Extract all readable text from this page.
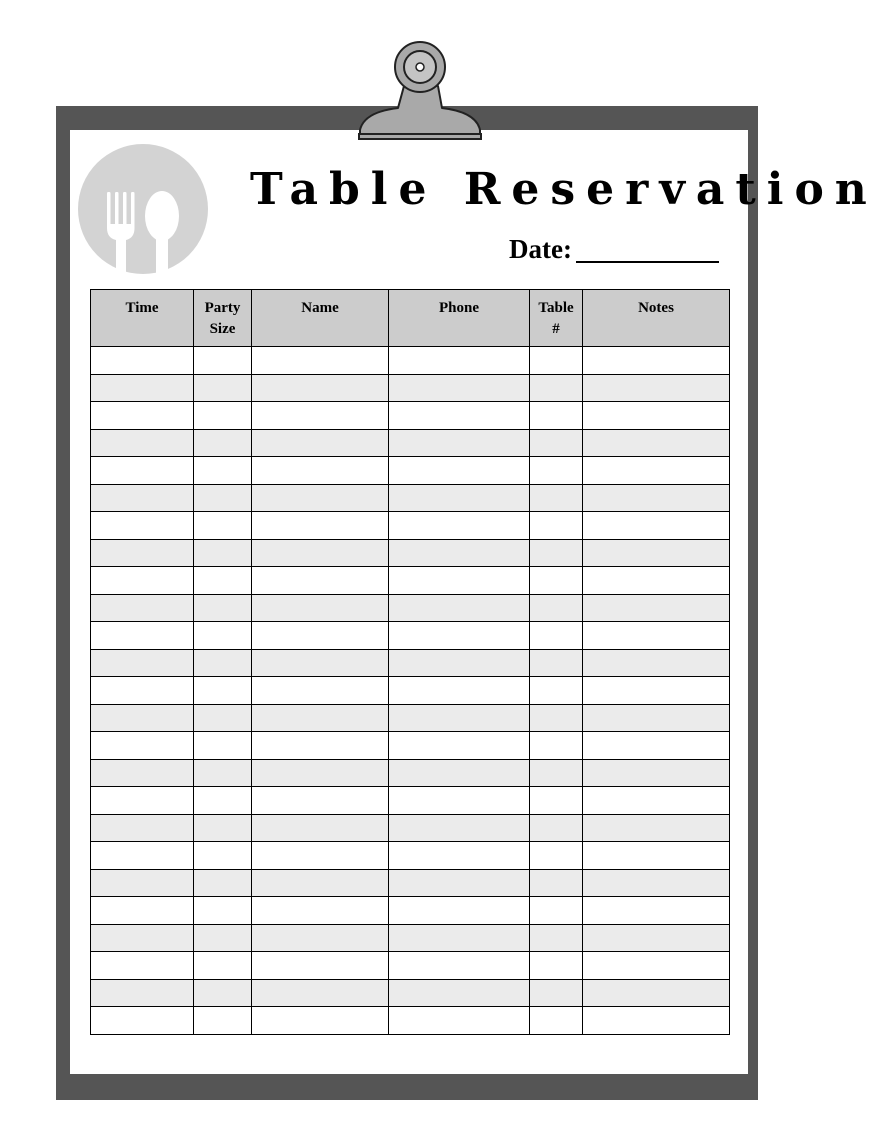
Table Reservation
Date:
Time	Party Size	Name	Phone	Table #	Notes
